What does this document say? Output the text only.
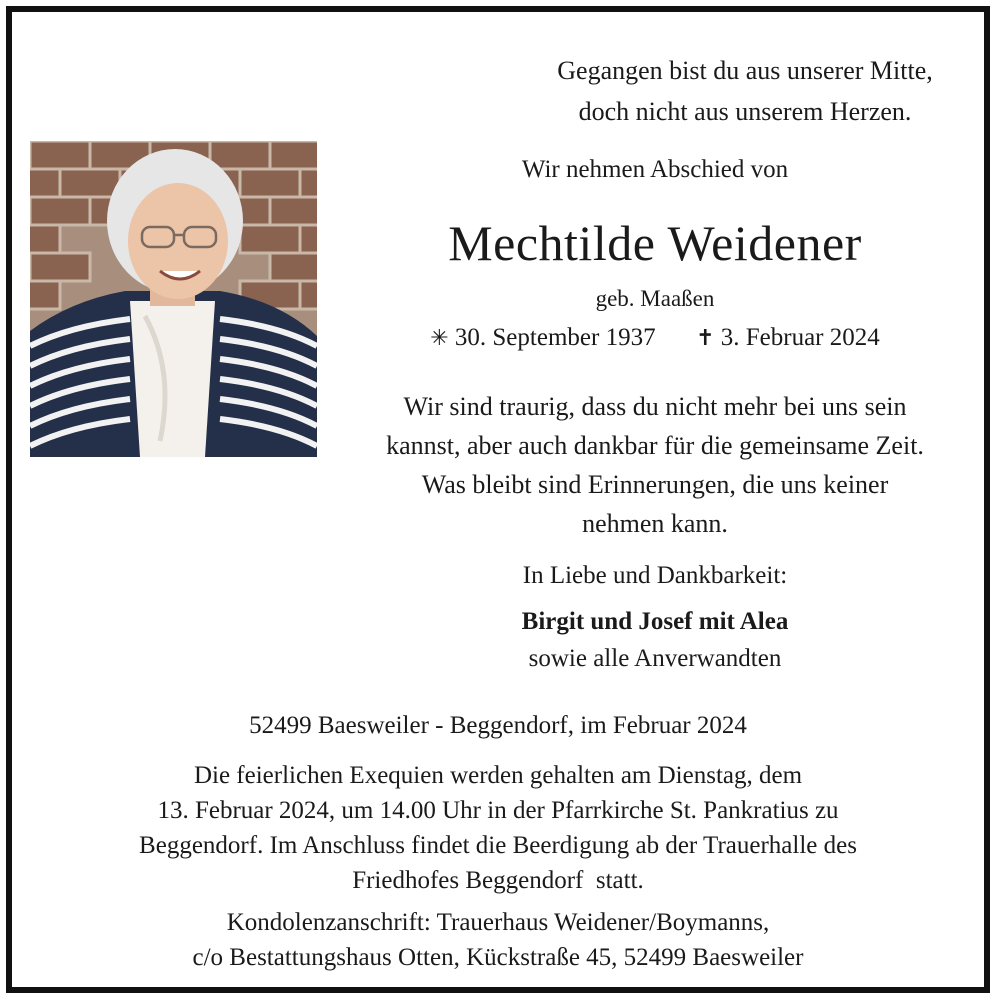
Gegangen bist du aus unserer Mitte,
doch nicht aus unserem Herzen.
Wir nehmen Abschied von
Mechtilde Weidener
geb. Maaßen
✳ 30. September 1937 ✝ 3. Februar 2024
Wir sind traurig, dass du nicht mehr bei uns sein
kannst, aber auch dankbar für die gemeinsame Zeit.
Was bleibt sind Erinnerungen, die uns keiner
nehmen kann.
In Liebe und Dankbarkeit:
Birgit und Josef mit Alea
sowie alle Anverwandten
52499 Baesweiler - Beggendorf, im Februar 2024
Die feierlichen Exequien werden gehalten am Dienstag, dem
13. Februar 2024, um 14.00 Uhr in der Pfarrkirche St. Pankratius zu
Beggendorf. Im Anschluss findet die Beerdigung ab der Trauerhalle des
Friedhofes Beggendorf  statt.
Kondolenzanschrift: Trauerhaus Weidener/Boymanns,
c/o Bestattungshaus Otten, Kückstraße 45, 52499 Baesweiler
